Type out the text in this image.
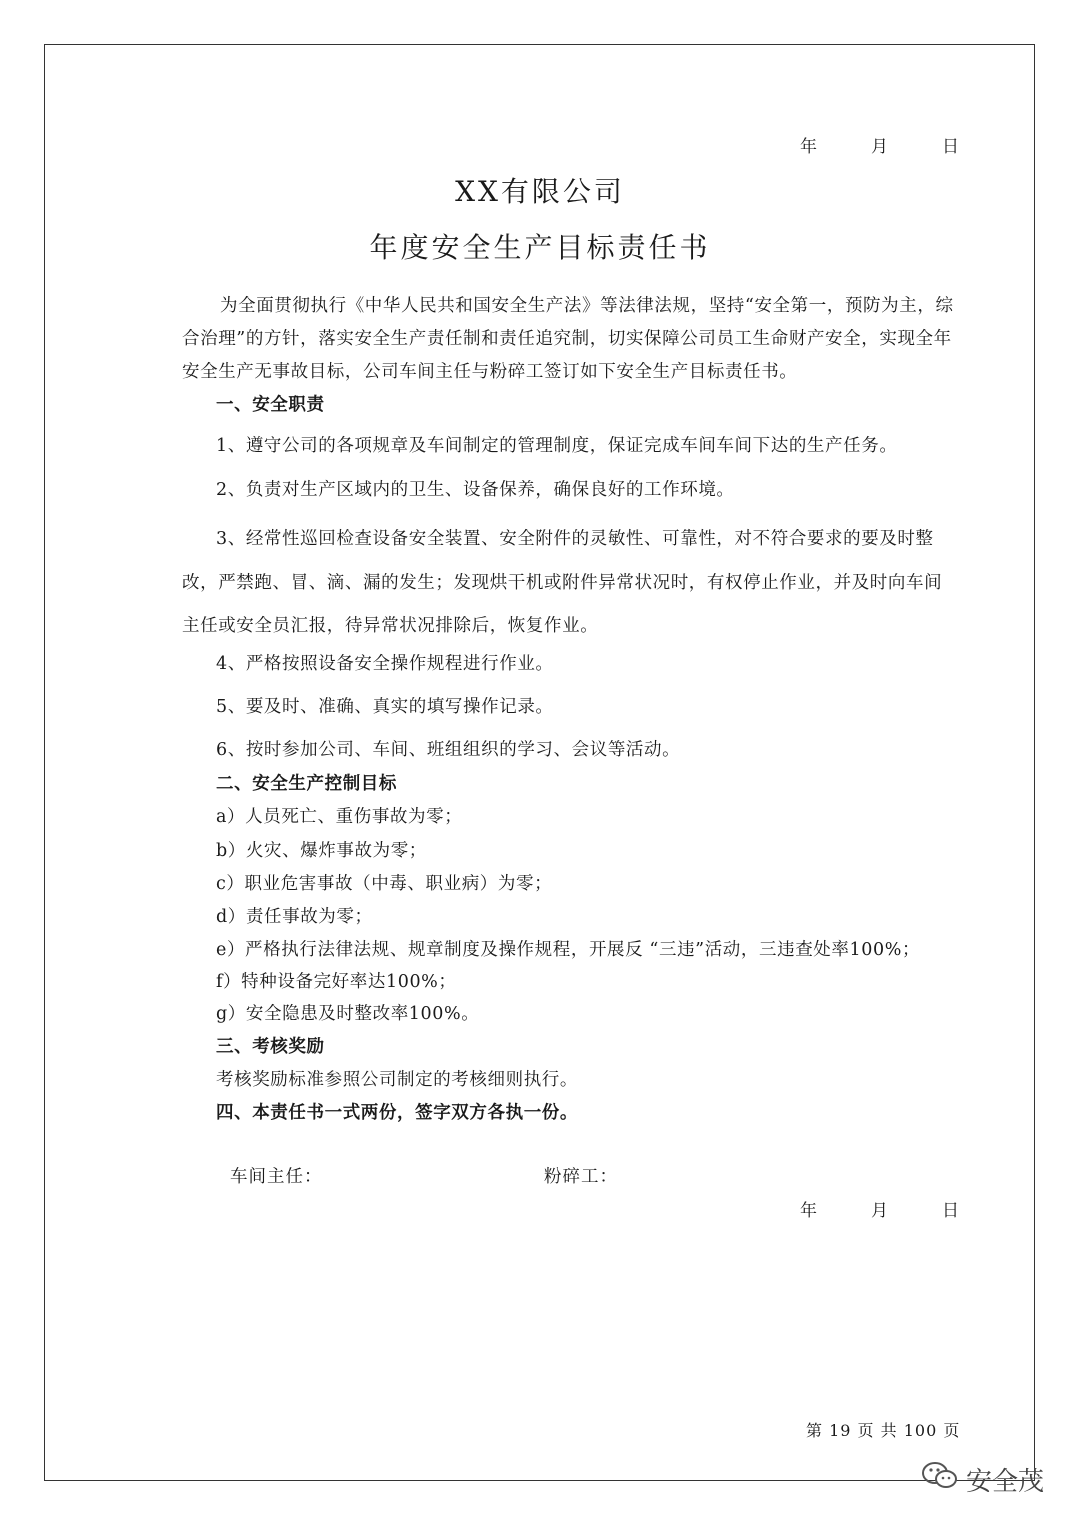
年	月	日
XX有限公司
年度安全生产目标责任书
为全面贯彻执行《中华人民共和国安全生产法》等法律法规，坚持“安全第一，预防为主，综合治理”的方针，落实安全生产责任制和责任追究制，切实保障公司员工生命财产安全，实现全年安全生产无事故目标，公司车间主任与粉碎工签订如下安全生产目标责任书。
一、安全职责
1、遵守公司的各项规章及车间制定的管理制度，保证完成车间车间下达的生产任务。
2、负责对生产区域内的卫生、设备保养，确保良好的工作环境。
3、经常性巡回检查设备安全装置、安全附件的灵敏性、可靠性，对不符合要求的要及时整改，严禁跑、冒、滴、漏的发生；发现烘干机或附件异常状况时，有权停止作业，并及时向车间主任或安全员汇报，待异常状况排除后，恢复作业。
4、严格按照设备安全操作规程进行作业。
5、要及时、准确、真实的填写操作记录。
6、按时参加公司、车间、班组组织的学习、会议等活动。
二、安全生产控制目标
a）人员死亡、重伤事故为零；
b）火灾、爆炸事故为零；
c）职业危害事故（中毒、职业病）为零；
d）责任事故为零；
e）严格执行法律法规、规章制度及操作规程，开展反 “三违”活动，三违查处率100%；
f）特种设备完好率达100%；
g）安全隐患及时整改率100%。
三、考核奖励
考核奖励标准参照公司制定的考核细则执行。
四、本责任书一式两份，签字双方各执一份。
车间主任：	粉碎工：
年	月	日
第 19 页 共 100 页
安全茂
